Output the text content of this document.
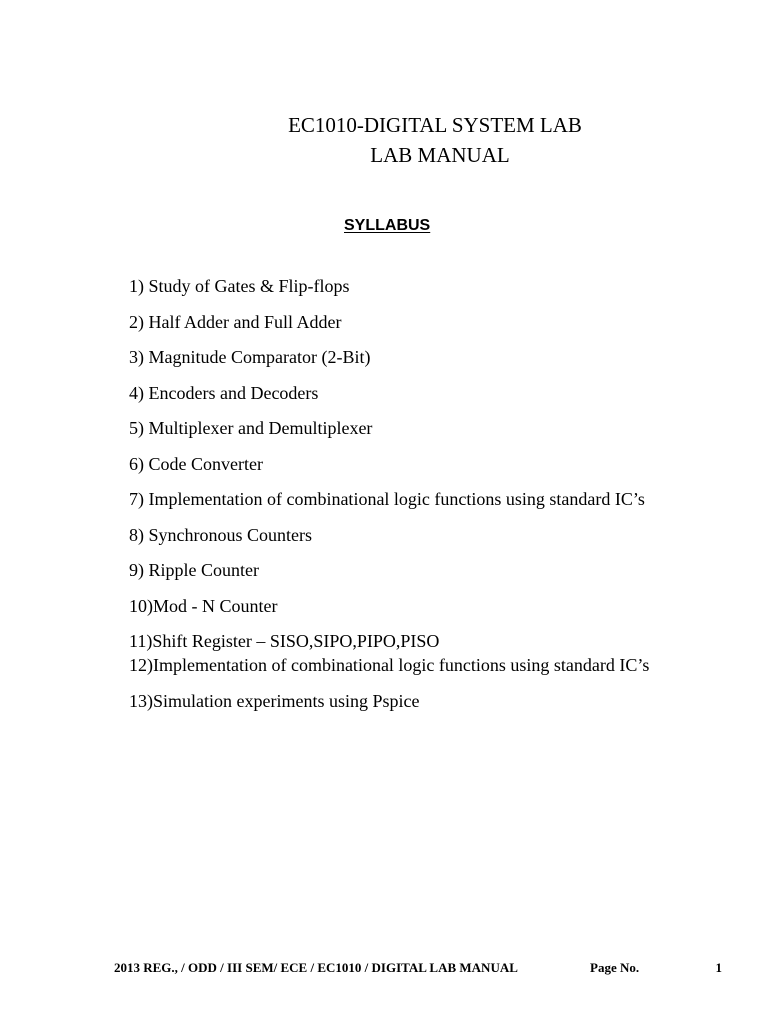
EC1010-DIGITAL SYSTEM LAB
LAB MANUAL
SYLLABUS
1) Study of Gates & Flip-flops
2) Half Adder and Full Adder
3) Magnitude Comparator (2-Bit)
4) Encoders and Decoders
5) Multiplexer and Demultiplexer
6) Code Converter
7) Implementation of combinational logic functions using standard IC’s
8) Synchronous Counters
9) Ripple Counter
10)Mod - N Counter
11)Shift Register – SISO,SIPO,PIPO,PISO
12)Implementation of combinational logic functions using standard IC’s
13)Simulation experiments using Pspice
2013 REG., / ODD / III SEM/ ECE / EC1010 / DIGITAL LAB MANUAL	Page No.	1
